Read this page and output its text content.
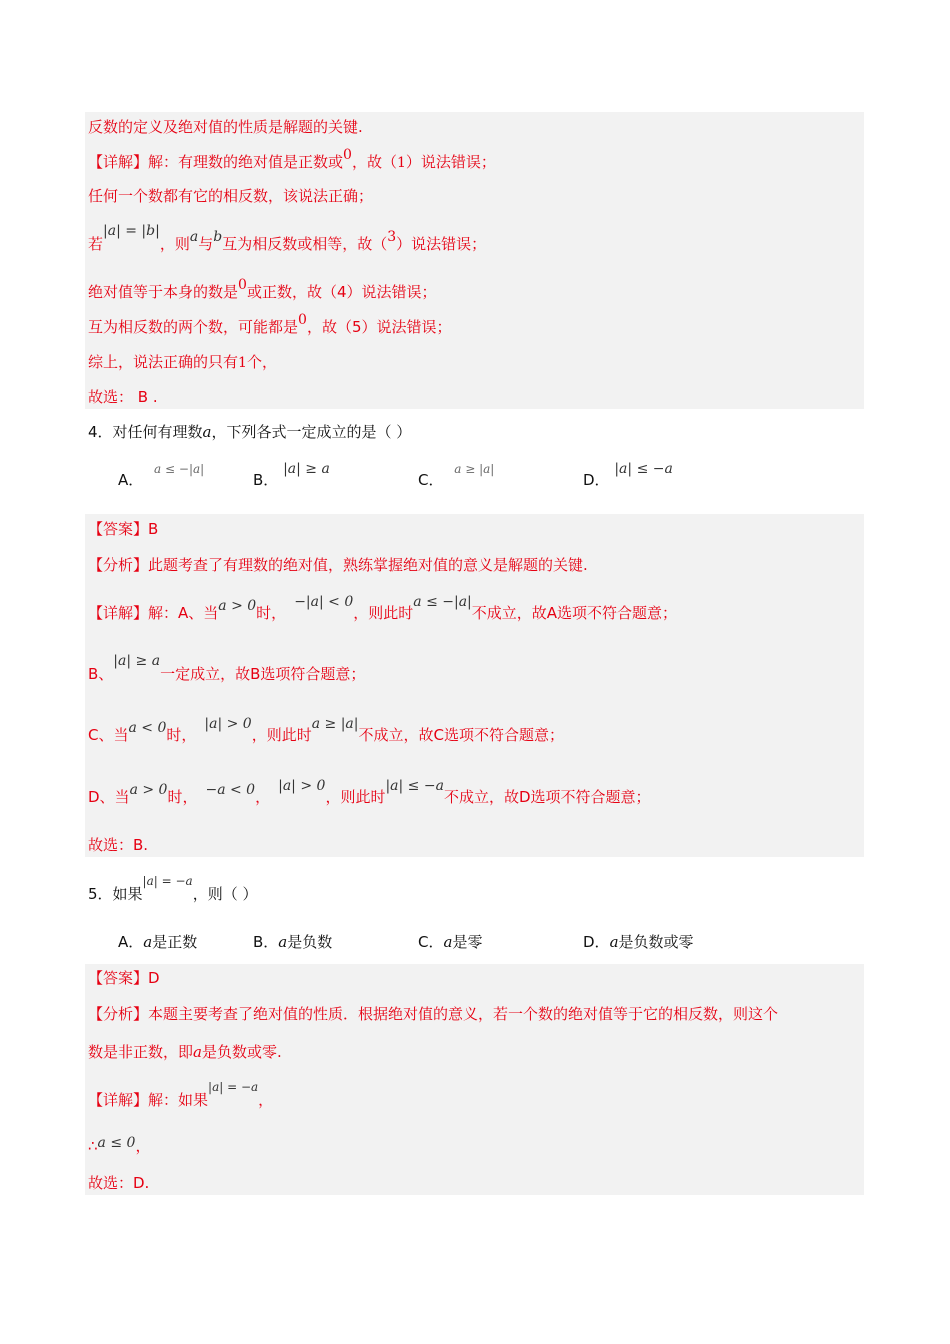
反数的定义及绝对值的性质是解题的关键.
【详解】解：有理数的绝对值是正数或0，故（1）说法错误；
任何一个数都有它的相反数，该说法正确；
若|a| = |b|，则a与b互为相反数或相等，故（3）说法错误；
绝对值等于本身的数是0或正数，故（4）说法错误；
互为相反数的两个数，可能都是0，故（5）说法错误；
综上，说法正确的只有1个，
故选： B .
4．对任何有理数a，下列各式一定成立的是（ ）
A． $^{a \le -|a|}$
B． |a| ≥ a
C． $^{a \ge |a|}$
D． |a| ≤ −a
【答案】B
【分析】此题考查了有理数的绝对值，熟练掌握绝对值的意义是解题的关键.
【详解】解：A、当a > 0时，−|a| < 0，则此时a ≤ −|a|不成立，故A选项不符合题意；
B、|a| ≥ a一定成立，故B选项符合题意；
C、当a < 0时，|a| > 0，则此时a ≥ |a|不成立，故C选项不符合题意；
D、当a > 0时， −a < 0，|a| > 0，则此时|a| ≤ −a不成立，故D选项不符合题意；
故选：B.
5．如果$^{|a| = -a}$，则（ ）
A．a是正数	B．a是负数	C．a是零	D．a是负数或零
【答案】D
【分析】本题主要考查了绝对值的性质．根据绝对值的意义，若一个数的绝对值等于它的相反数，则这个
数是非正数，即a是负数或零.
【详解】解：如果$^{|a| = -a}$，
∴a ≤ 0，
故选：D.
